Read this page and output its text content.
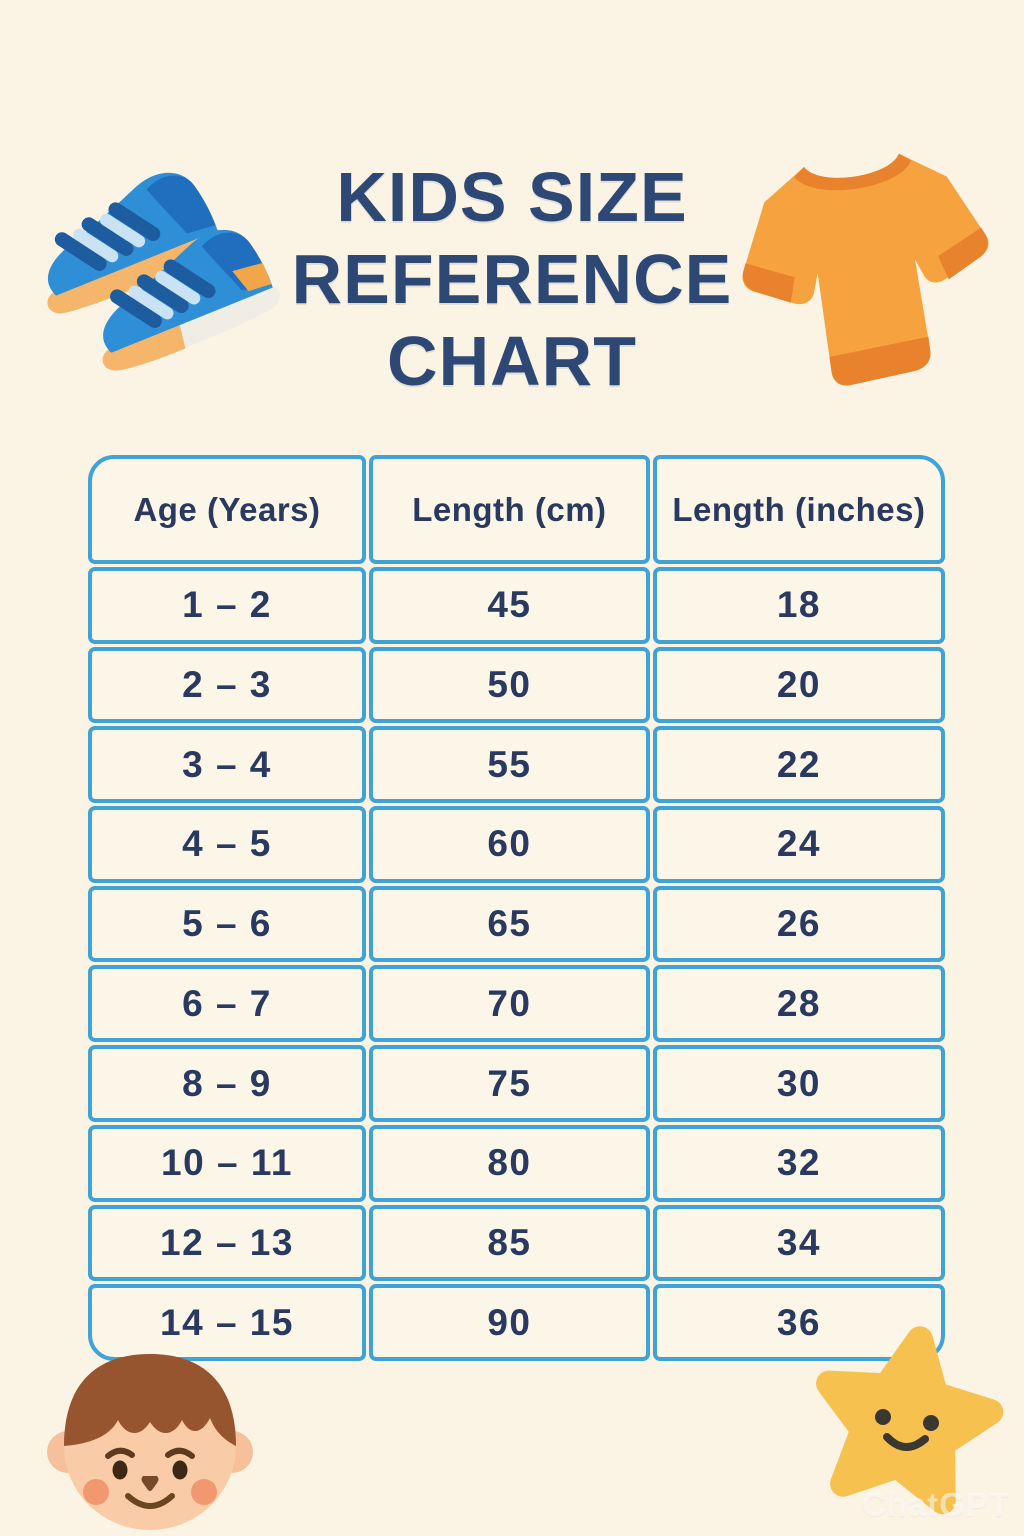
KIDS SIZE
REFERENCE
CHART
Age (Years)	Length (cm)	Length (inches)
1 – 2	45	18
2 – 3	50	20
3 – 4	55	22
4 – 5	60	24
5 – 6	65	26
6 – 7	70	28
8 – 9	75	30
10 – 11	80	32
12 – 13	85	34
14 – 15	90	36
ChatGPT
